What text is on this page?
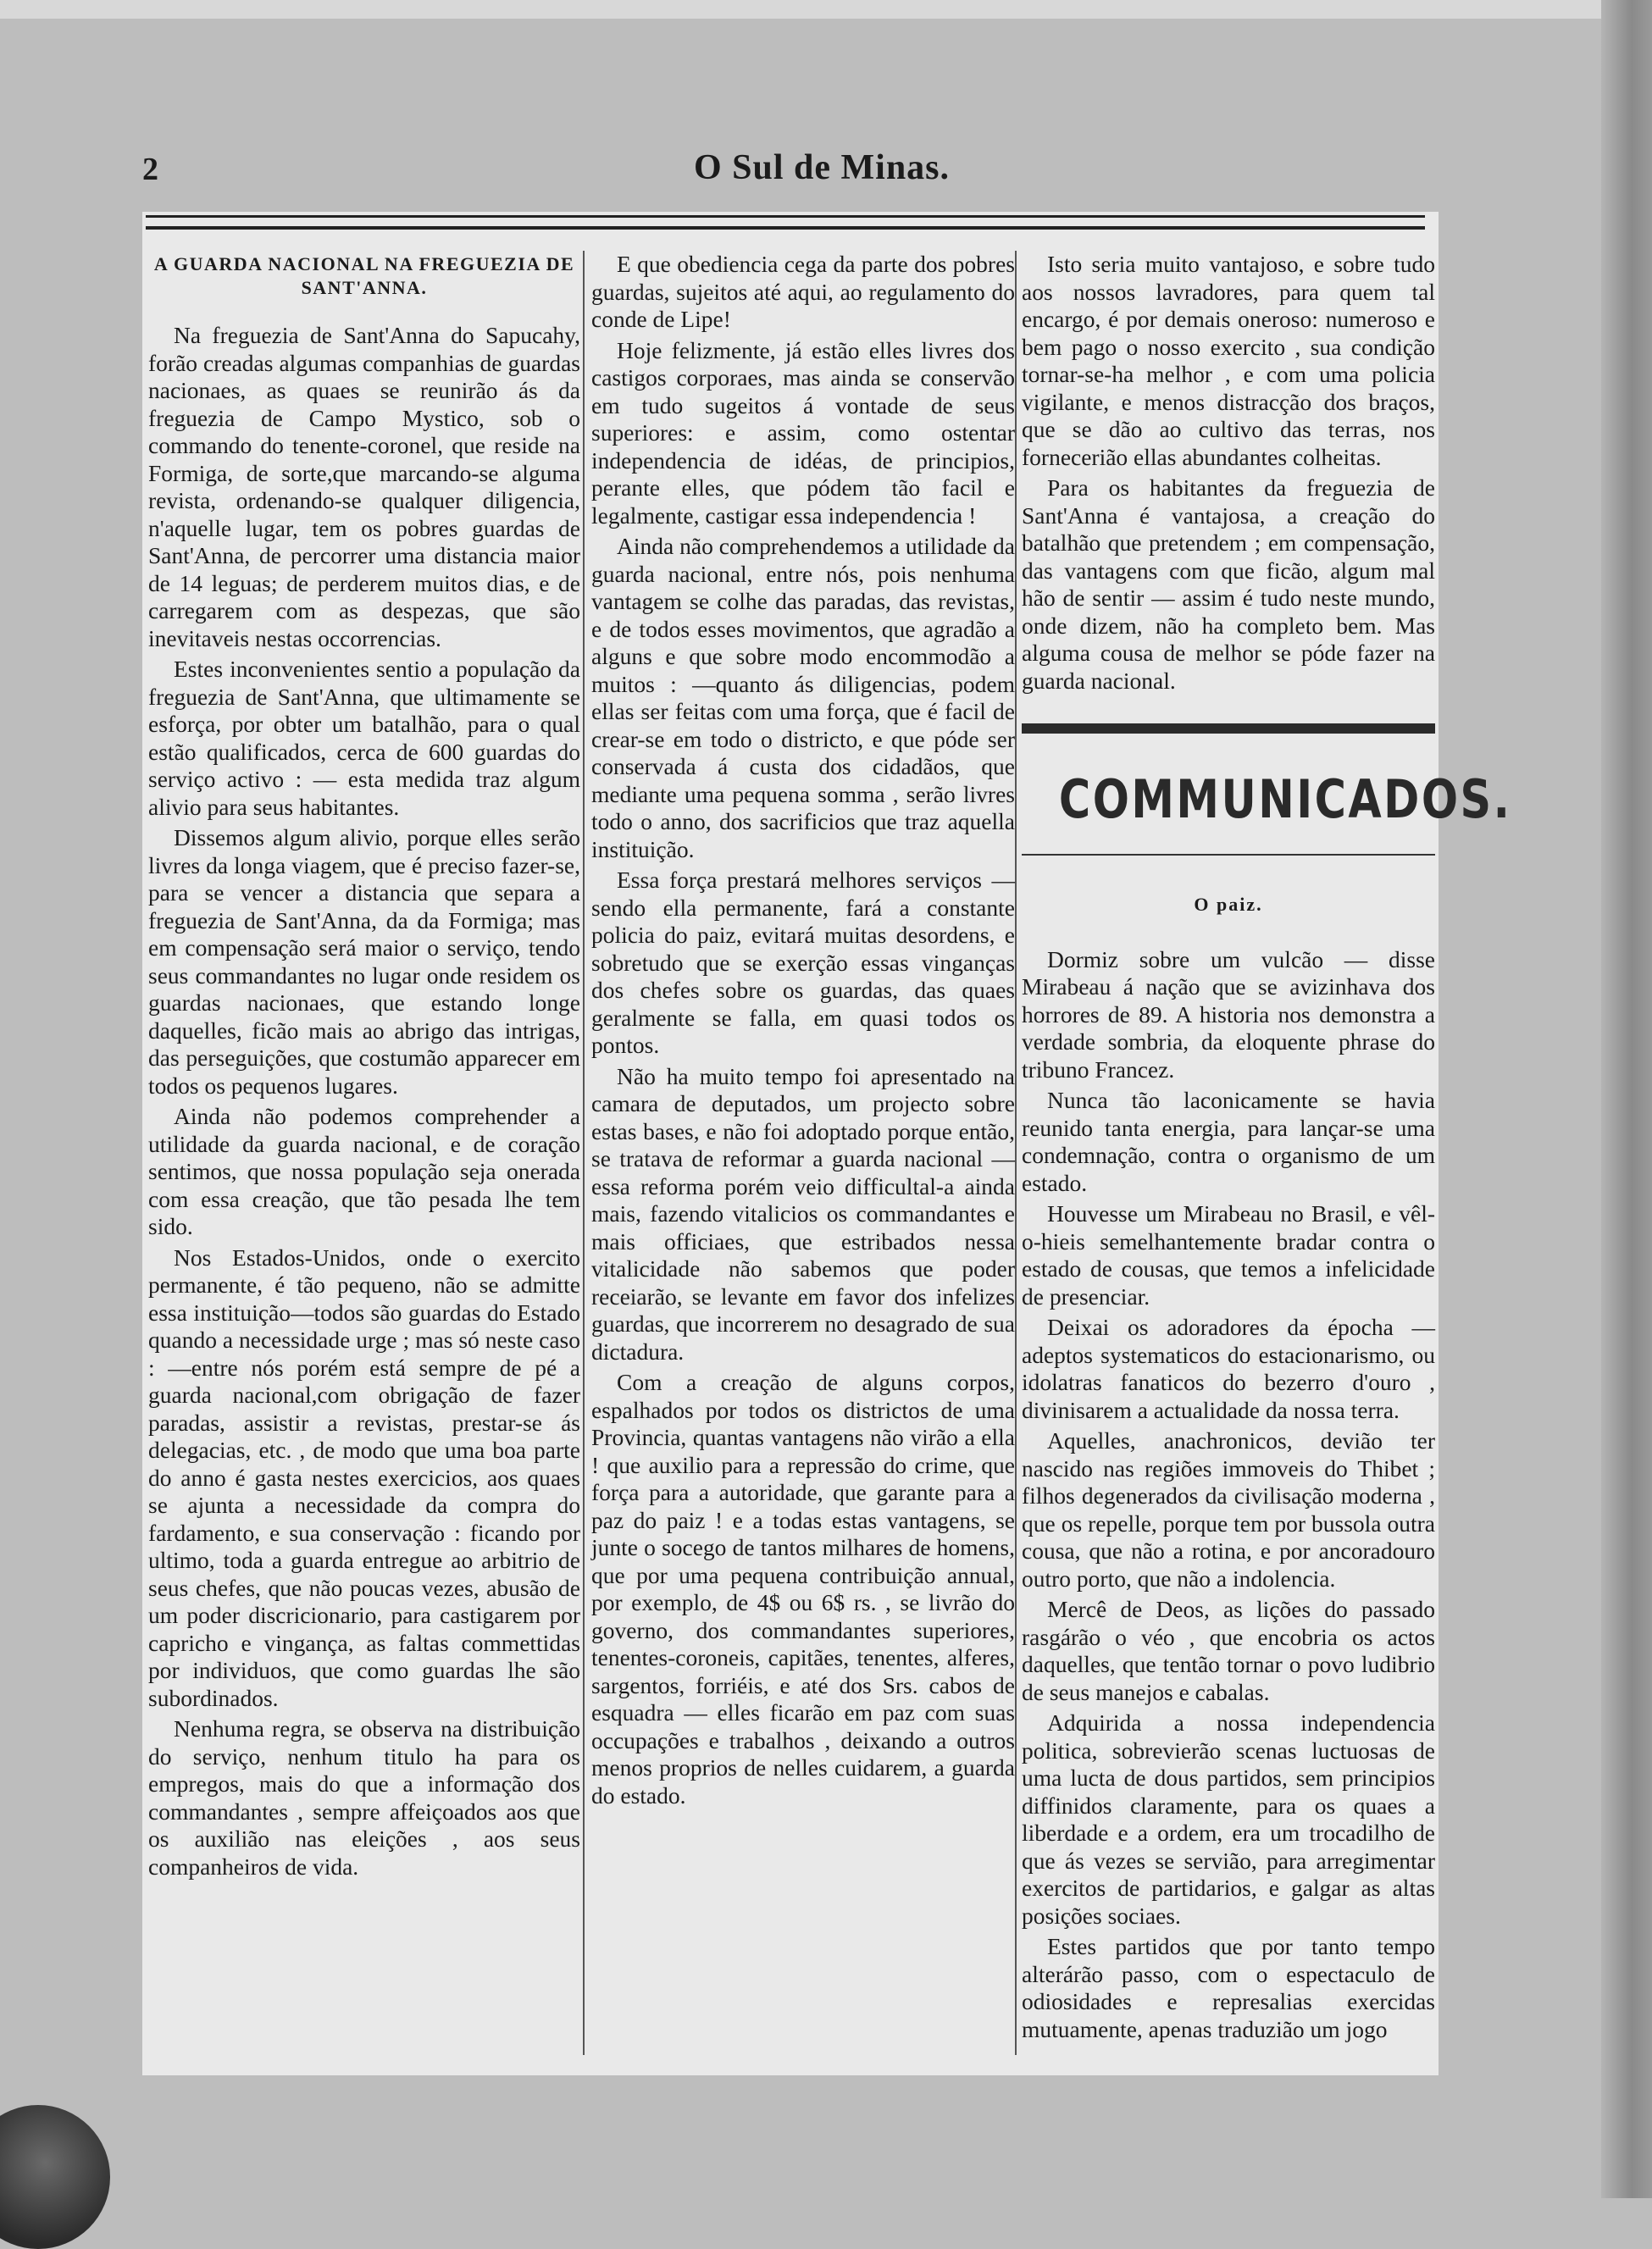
2	O Sul de Minas.
A GUARDA NACIONAL NA FREGUEZIA DE SANT'ANNA.

Na freguezia de Sant'Anna do Sapucahy, forão creadas algumas companhias de guardas nacionaes, as quaes se reunirão ás da freguezia de Campo Mystico, sob o commando do tenente-coronel, que reside na Formiga, de sorte,que marcando-se alguma revista, ordenando-se qualquer diligencia, n'aquelle lugar, tem os pobres guardas de Sant'Anna, de percorrer uma distancia maior de 14 leguas; de perderem muitos dias, e de carregarem com as despezas, que são inevitaveis nestas occorrencias.

Estes inconvenientes sentio a população da freguezia de Sant'Anna, que ultimamente se esforça, por obter um batalhão, para o qual estão qualificados, cerca de 600 guardas do serviço activo : — esta medida traz algum alivio para seus habitantes.

Dissemos algum alivio, porque elles serão livres da longa viagem, que é preciso fazer-se, para se vencer a distancia que separa a freguezia de Sant'Anna, da da Formiga; mas em compensação será maior o serviço, tendo seus commandantes no lugar onde residem os guardas nacionaes, que estando longe daquelles, ficão mais ao abrigo das intrigas, das perseguições, que costumão apparecer em todos os pequenos lugares.

Ainda não podemos comprehender a utilidade da guarda nacional, e de coração sentimos, que nossa população seja onerada com essa creação, que tão pesada lhe tem sido.

Nos Estados-Unidos, onde o exercito permanente, é tão pequeno, não se admitte essa instituição—todos são guardas do Estado quando a necessidade urge ; mas só neste caso : —entre nós porém está sempre de pé a guarda nacional,com obrigação de fazer paradas, assistir a revistas, prestar-se ás delegacias, etc. , de modo que uma boa parte do anno é gasta nestes exercicios, aos quaes se ajunta a necessidade da compra do fardamento, e sua conservação : ficando por ultimo, toda a guarda entregue ao arbitrio de seus chefes, que não poucas vezes, abusão de um poder discricionario, para castigarem por capricho e vingança, as faltas commettidas por individuos, que como guardas lhe são subordinados.

Nenhuma regra, se observa na distribuição do serviço, nenhum titulo ha para os empregos, mais do que a informação dos commandantes , sempre affeiçoados aos que os auxilião nas eleições , aos seus companheiros de vida.

E que obediencia cega da parte dos pobres guardas, sujeitos até aqui, ao regulamento do conde de Lipe!

Hoje felizmente, já estão elles livres dos castigos corporaes, mas ainda se conservão em tudo sugeitos á vontade de seus superiores: e assim, como ostentar independencia de idéas, de principios, perante elles, que pódem tão facil e legalmente, castigar essa independencia !

Ainda não comprehendemos a utilidade da guarda nacional, entre nós, pois nenhuma vantagem se colhe das paradas, das revistas, e de todos esses movimentos, que agradão a alguns e que sobre modo encommodão a muitos : —quanto ás diligencias, podem ellas ser feitas com uma força, que é facil de crear-se em todo o districto, e que póde ser conservada á custa dos cidadãos, que mediante uma pequena somma , serão livres todo o anno, dos sacrificios que traz aquella instituição.

Essa força prestará melhores serviços — sendo ella permanente, fará a constante policia do paiz, evitará muitas desordens, e sobretudo que se exerção essas vinganças dos chefes sobre os guardas, das quaes geralmente se falla, em quasi todos os pontos.

Não ha muito tempo foi apresentado na camara de deputados, um projecto sobre estas bases, e não foi adoptado porque então, se tratava de reformar a guarda nacional — essa reforma porém veio difficultal-a ainda mais, fazendo vitalicios os commandantes e mais officiaes, que estribados nessa vitalicidade não sabemos que poder receiarão, se levante em favor dos infelizes guardas, que incorrerem no desagrado de sua dictadura.

Com a creação de alguns corpos, espalhados por todos os districtos de uma Provincia, quantas vantagens não virão a ella ! que auxilio para a repressão do crime, que força para a autoridade, que garante para a paz do paiz ! e a todas estas vantagens, se junte o socego de tantos milhares de homens, que por uma pequena contribuição annual, por exemplo, de 4$ ou 6$ rs. , se livrão do governo, dos commandantes superiores, tenentes-coroneis, capitães, tenentes, alferes, sargentos, forriéis, e até dos Srs. cabos de esquadra — elles ficarão em paz com suas occupações e trabalhos , deixando a outros menos proprios de nelles cuidarem, a guarda do estado.

Isto seria muito vantajoso, e sobre tudo aos nossos lavradores, para quem tal encargo, é por demais oneroso: numeroso e bem pago o nosso exercito , sua condição tornar-se-ha melhor , e com uma policia vigilante, e menos distracção dos braços, que se dão ao cultivo das terras, nos fornecerião ellas abundantes colheitas.

Para os habitantes da freguezia de Sant'Anna é vantajosa, a creação do batalhão que pretendem ; em compensação, das vantagens com que ficão, algum mal hão de sentir — assim é tudo neste mundo, onde dizem, não ha completo bem. Mas alguma cousa de melhor se póde fazer na guarda nacional.

COMMUNICADOS.
O paiz.

Dormiz sobre um vulcão — disse Mirabeau á nação que se avizinhava dos horrores de 89. A historia nos demonstra a verdade sombria, da eloquente phrase do tribuno Francez.

Nunca tão laconicamente se havia reunido tanta energia, para lançar-se uma condemnação, contra o organismo de um estado.

Houvesse um Mirabeau no Brasil, e vêl-o-hieis semelhantemente bradar contra o estado de cousas, que temos a infelicidade de presenciar.

Deixai os adoradores da épocha — adeptos systematicos do estacionarismo, ou idolatras fanaticos do bezerro d'ouro , divinisarem a actualidade da nossa terra.

Aquelles, anachronicos, devião ter nascido nas regiões immoveis do Thibet ; filhos degenerados da civilisação moderna , que os repelle, porque tem por bussola outra cousa, que não a rotina, e por ancoradouro outro porto, que não a indolencia.

Mercê de Deos, as lições do passado rasgárão o véo , que encobria os actos daquelles, que tentão tornar o povo ludibrio de seus manejos e cabalas.

Adquirida a nossa independencia politica, sobrevierão scenas luctuosas de uma lucta de dous partidos, sem principios diffinidos claramente, para os quaes a liberdade e a ordem, era um trocadilho de que ás vezes se servião, para arregimentar exercitos de partidarios, e galgar as altas posições sociaes.

Estes partidos que por tanto tempo alterárão passo, com o espectaculo de odiosidades e represalias exercidas mutuamente, apenas traduzião um jogo
